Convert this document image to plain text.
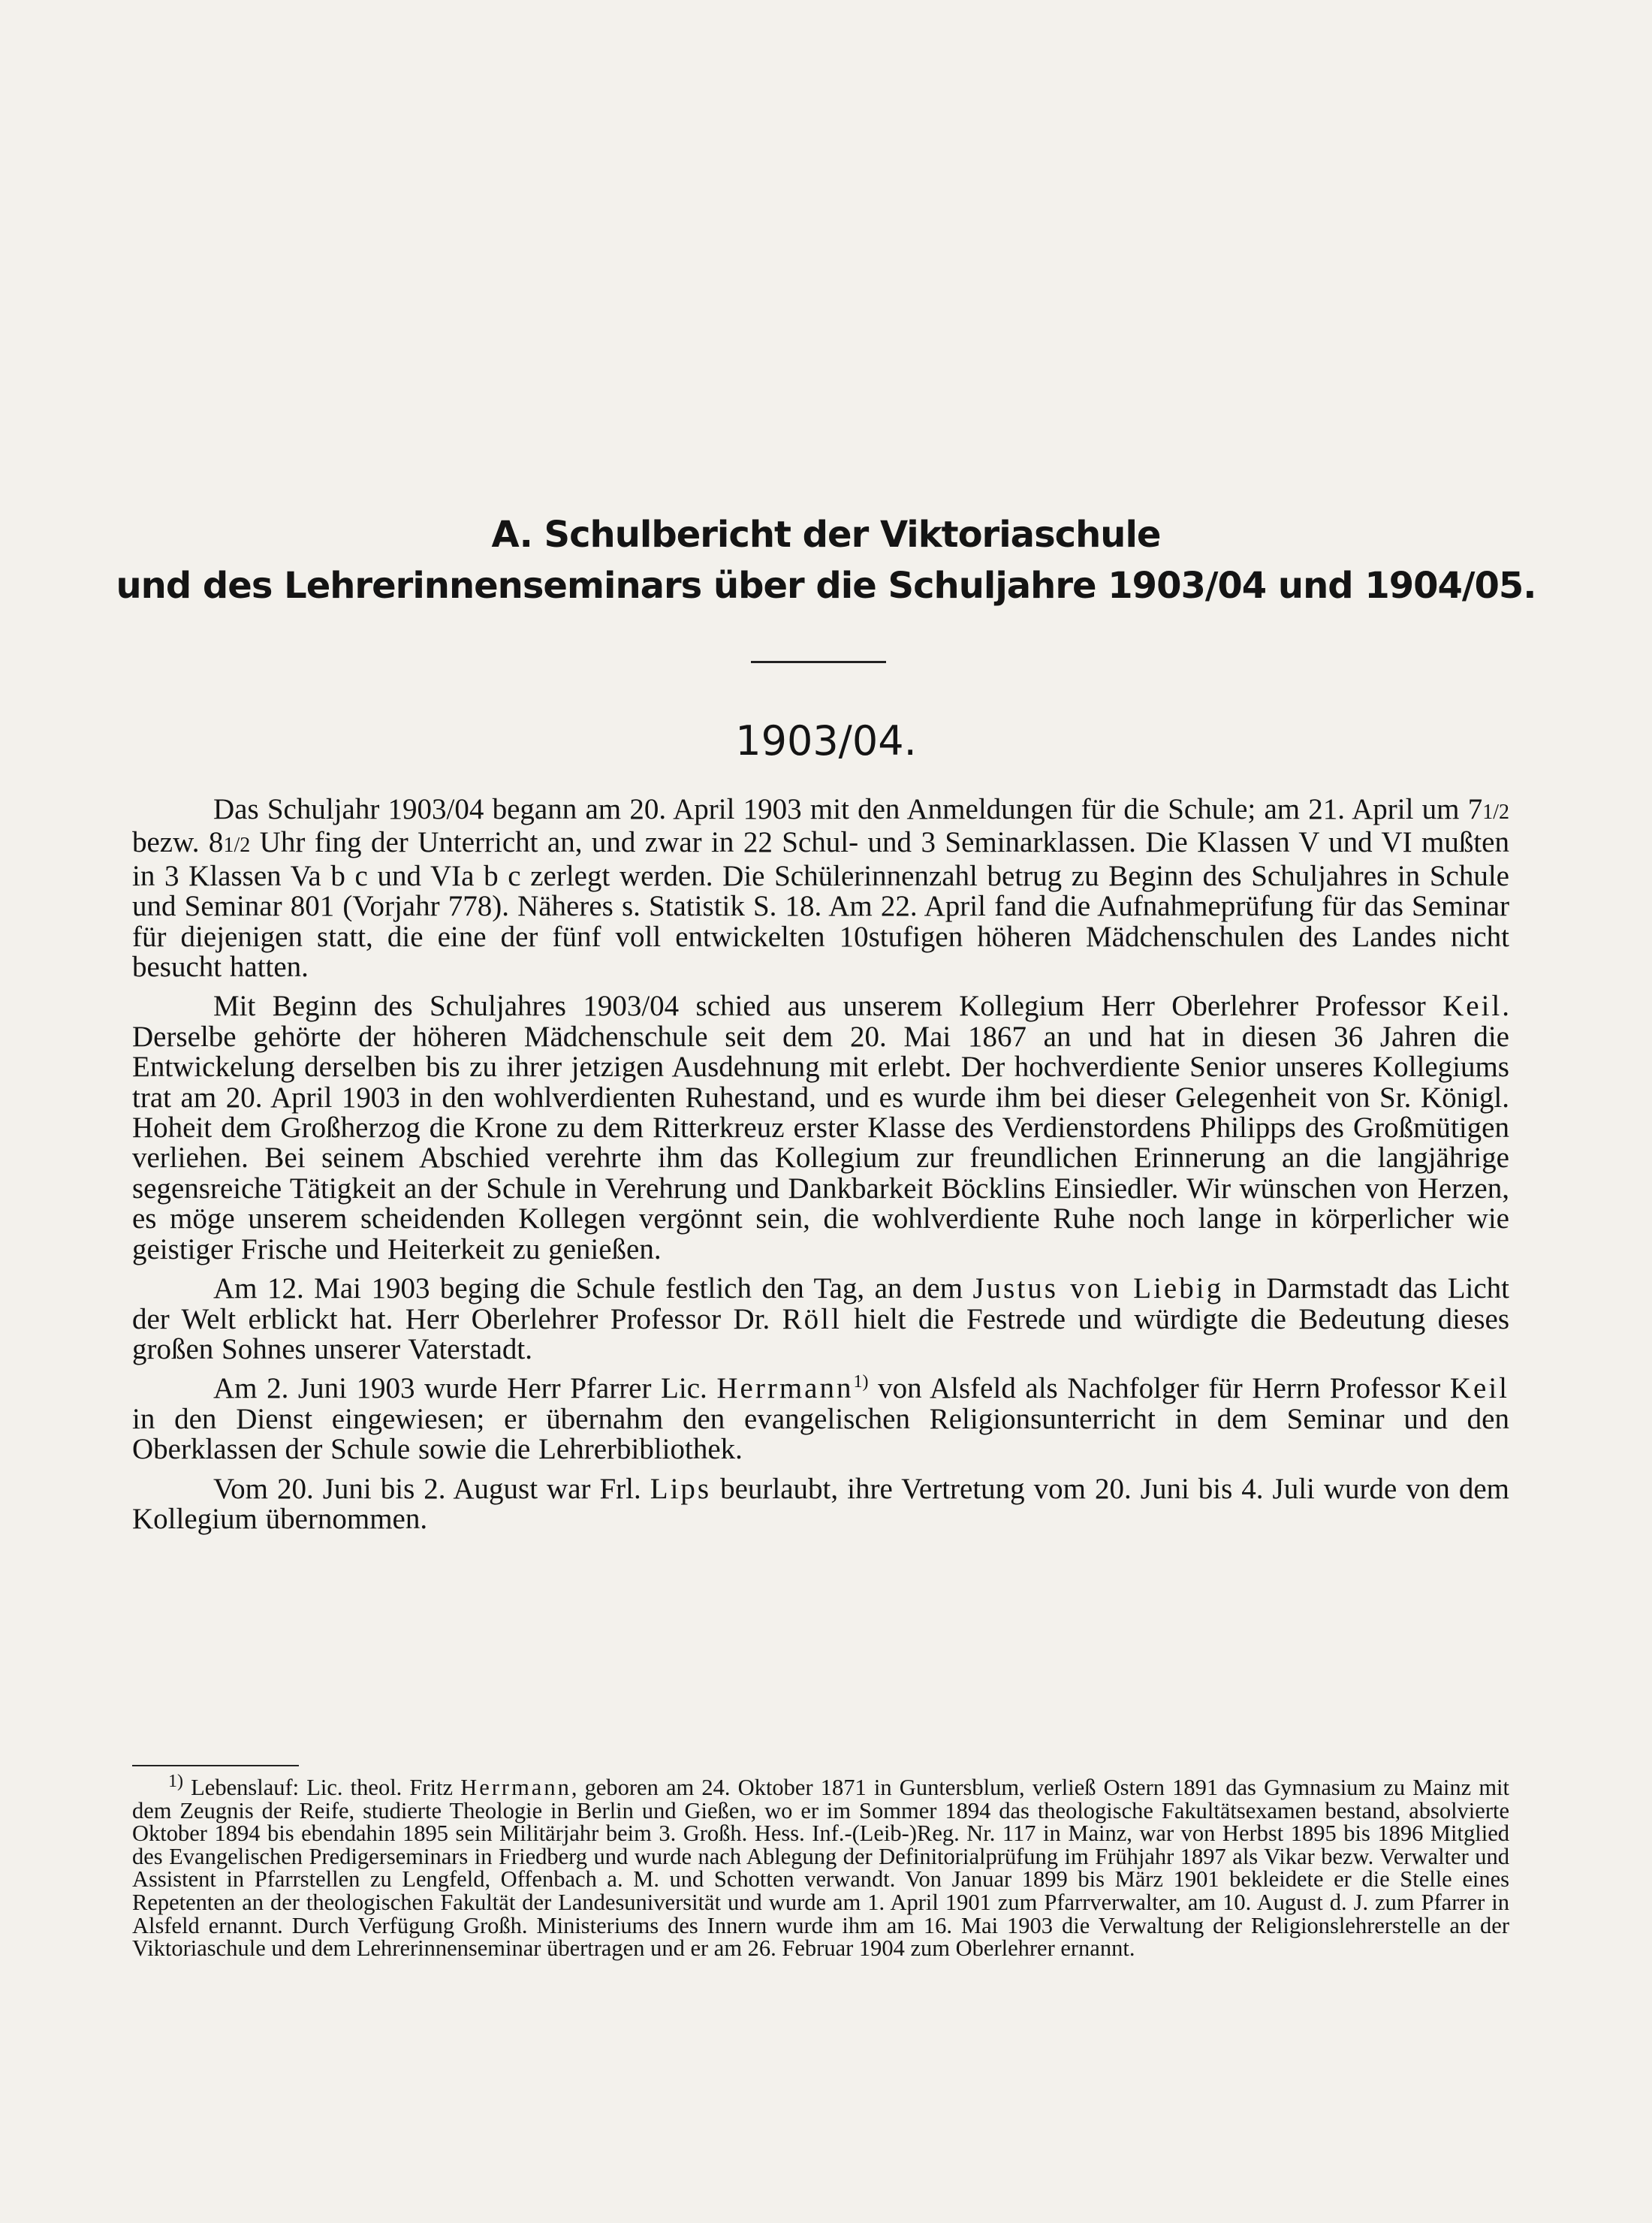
A. Schulbericht der Viktoriaschule
und des Lehrerinnenseminars über die Schuljahre 1903/04 und 1904/05.
1903/04.

Das Schuljahr 1903/04 begann am 20. April 1903 mit den Anmeldungen für die Schule; am 21. April um 71/2 bezw. 81/2 Uhr fing der Unterricht an, und zwar in 22 Schul- und 3 Seminarklassen. Die Klassen V und VI mußten in 3 Klassen Va b c und VIa b c zerlegt werden. Die Schülerinnenzahl betrug zu Beginn des Schuljahres in Schule und Seminar 801 (Vorjahr 778). Näheres s. Statistik S. 18. Am 22. April fand die Aufnahmeprüfung für das Seminar für diejenigen statt, die eine der fünf voll entwickelten 10stufigen höheren Mädchenschulen des Landes nicht besucht hatten.

Mit Beginn des Schuljahres 1903/04 schied aus unserem Kollegium Herr Oberlehrer Professor Keil. Derselbe gehörte der höheren Mädchenschule seit dem 20. Mai 1867 an und hat in diesen 36 Jahren die Entwickelung derselben bis zu ihrer jetzigen Ausdehnung mit erlebt. Der hochverdiente Senior unseres Kollegiums trat am 20. April 1903 in den wohlverdienten Ruhestand, und es wurde ihm bei dieser Gelegenheit von Sr. Königl. Hoheit dem Großherzog die Krone zu dem Ritterkreuz erster Klasse des Verdienstordens Philipps des Großmütigen verliehen. Bei seinem Abschied verehrte ihm das Kollegium zur freundlichen Erinnerung an die langjährige segensreiche Tätigkeit an der Schule in Verehrung und Dankbarkeit Böcklins Einsiedler. Wir wünschen von Herzen, es möge unserem scheidenden Kollegen vergönnt sein, die wohlverdiente Ruhe noch lange in körperlicher wie geistiger Frische und Heiterkeit zu genießen.

Am 12. Mai 1903 beging die Schule festlich den Tag, an dem Justus von Liebig in Darmstadt das Licht der Welt erblickt hat. Herr Oberlehrer Professor Dr. Röll hielt die Festrede und würdigte die Bedeutung dieses großen Sohnes unserer Vaterstadt.

Am 2. Juni 1903 wurde Herr Pfarrer Lic. Herrmann$^{1)}$ von Alsfeld als Nachfolger für Herrn Professor Keil in den Dienst eingewiesen; er übernahm den evangelischen Religionsunterricht in dem Seminar und den Oberklassen der Schule sowie die Lehrerbibliothek.

Vom 20. Juni bis 2. August war Frl. Lips beurlaubt, ihre Vertretung vom 20. Juni bis 4. Juli wurde von dem Kollegium übernommen.

$^{1)}$ Lebenslauf: Lic. theol. Fritz Herrmann, geboren am 24. Oktober 1871 in Guntersblum, verließ Ostern 1891 das Gymnasium zu Mainz mit dem Zeugnis der Reife, studierte Theologie in Berlin und Gießen, wo er im Sommer 1894 das theologische Fakultätsexamen bestand, absolvierte Oktober 1894 bis ebendahin 1895 sein Militärjahr beim 3. Großh. Hess. Inf.-(Leib-)Reg. Nr. 117 in Mainz, war von Herbst 1895 bis 1896 Mitglied des Evangelischen Predigerseminars in Friedberg und wurde nach Ablegung der Definitorialprüfung im Frühjahr 1897 als Vikar bezw. Verwalter und Assistent in Pfarrstellen zu Lengfeld, Offenbach a. M. und Schotten verwandt. Von Januar 1899 bis März 1901 bekleidete er die Stelle eines Repetenten an der theologischen Fakultät der Landesuniversität und wurde am 1. April 1901 zum Pfarrverwalter, am 10. August d. J. zum Pfarrer in Alsfeld ernannt. Durch Verfügung Großh. Ministeriums des Innern wurde ihm am 16. Mai 1903 die Verwaltung der Religionslehrerstelle an der Viktoriaschule und dem Lehrerinnenseminar übertragen und er am 26. Februar 1904 zum Oberlehrer ernannt.
